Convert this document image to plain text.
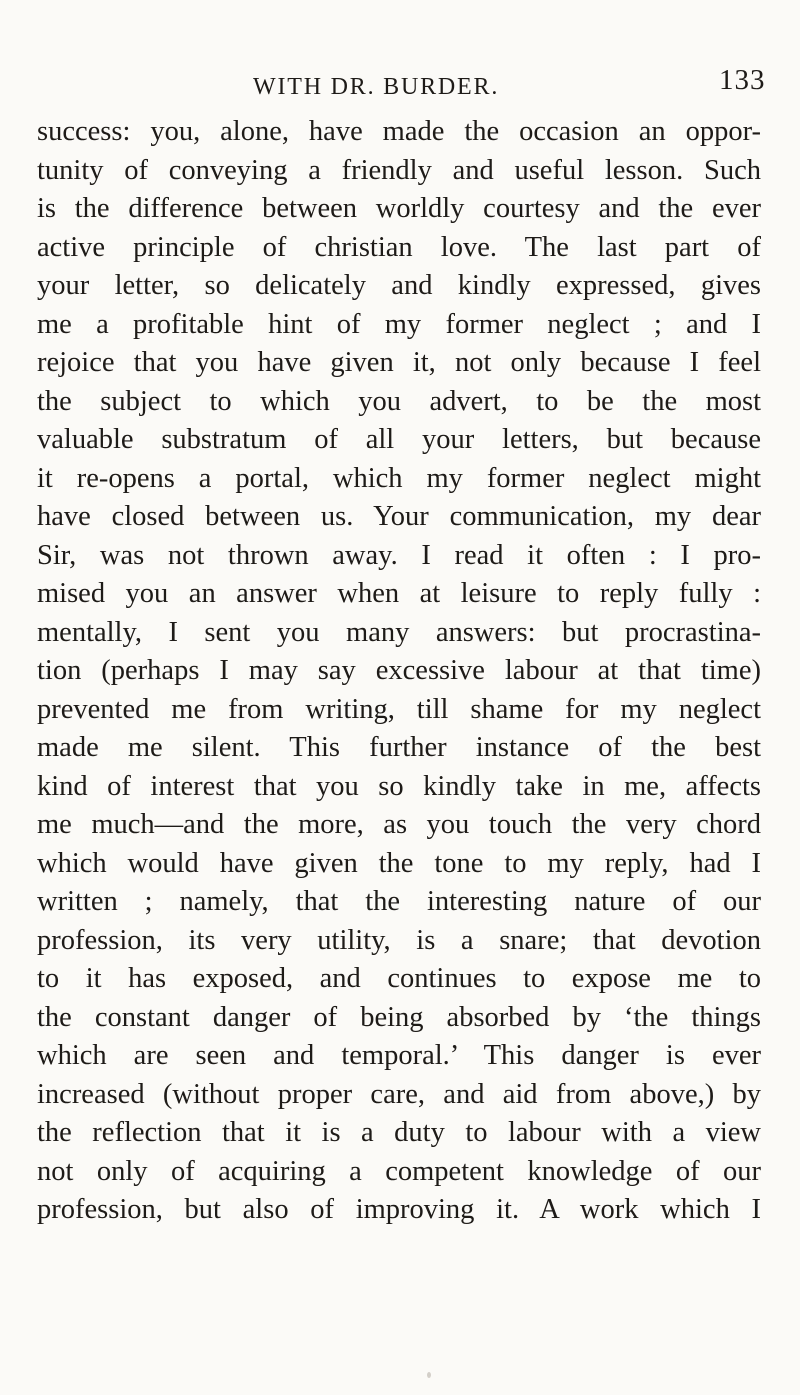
WITH DR. BURDER.	133
success: you, alone, have made the occasion an oppor-
tunity of conveying a friendly and useful lesson. Such
is the difference between worldly courtesy and the ever
active principle of christian love. The last part of
your letter, so delicately and kindly expressed, gives
me a profitable hint of my former neglect ; and I
rejoice that you have given it, not only because I feel
the subject to which you advert, to be the most
valuable substratum of all your letters, but because
it re-opens a portal, which my former neglect might
have closed between us. Your communication, my dear
Sir, was not thrown away. I read it often : I pro-
mised you an answer when at leisure to reply fully :
mentally, I sent you many answers: but procrastina-
tion (perhaps I may say excessive labour at that time)
prevented me from writing, till shame for my neglect
made me silent. This further instance of the best
kind of interest that you so kindly take in me, affects
me much—and the more, as you touch the very chord
which would have given the tone to my reply, had I
written ; namely, that the interesting nature of our
profession, its very utility, is a snare; that devotion
to it has exposed, and continues to expose me to
the constant danger of being absorbed by ‘the things
which are seen and temporal.’ This danger is ever
increased (without proper care, and aid from above,) by
the reflection that it is a duty to labour with a view
not only of acquiring a competent knowledge of our
profession, but also of improving it. A work which I
